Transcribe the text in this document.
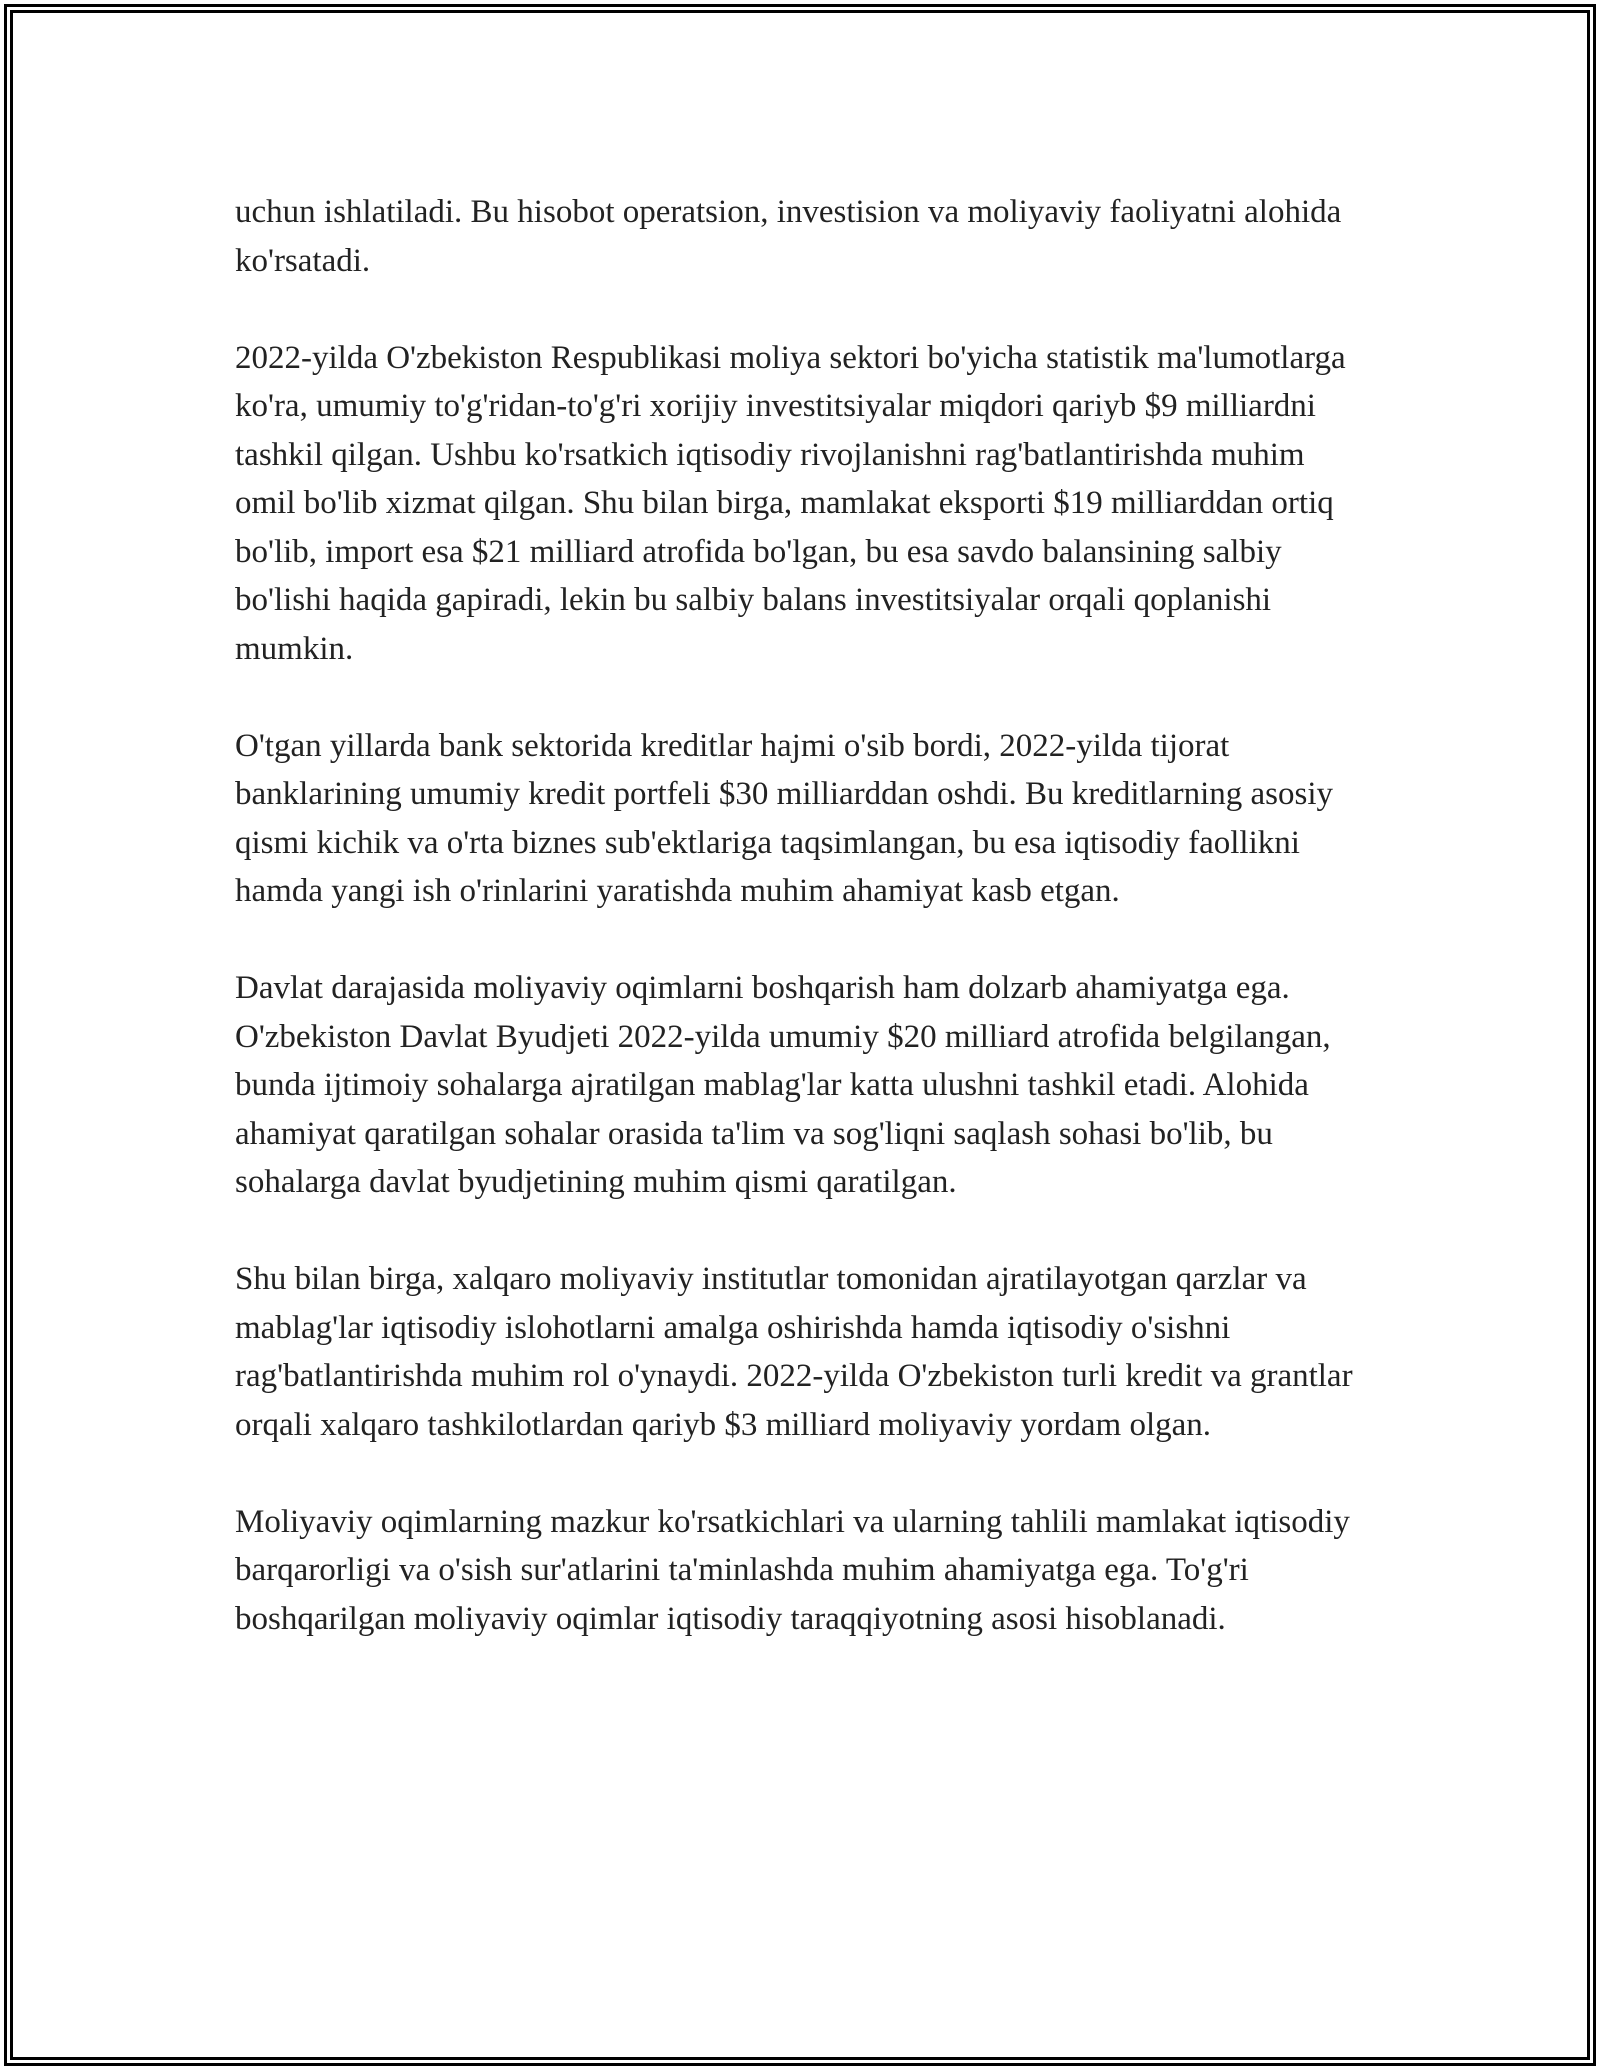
uchun ishlatiladi. Bu hisobot operatsion, investision va moliyaviy faoliyatni alohida ko'rsatadi.

2022-yilda O'zbekiston Respublikasi moliya sektori bo'yicha statistik ma'lumotlarga ko'ra, umumiy to'g'ridan-to'g'ri xorijiy investitsiyalar miqdori qariyb $9 milliardni tashkil qilgan. Ushbu ko'rsatkich iqtisodiy rivojlanishni rag'batlantirishda muhim omil bo'lib xizmat qilgan. Shu bilan birga, mamlakat eksporti $19 milliarddan ortiq bo'lib, import esa $21 milliard atrofida bo'lgan, bu esa savdo balansining salbiy bo'lishi haqida gapiradi, lekin bu salbiy balans investitsiyalar orqali qoplanishi mumkin.

O'tgan yillarda bank sektorida kreditlar hajmi o'sib bordi, 2022-yilda tijorat banklarining umumiy kredit portfeli $30 milliarddan oshdi. Bu kreditlarning asosiy qismi kichik va o'rta biznes sub'ektlariga taqsimlangan, bu esa iqtisodiy faollikni hamda yangi ish o'rinlarini yaratishda muhim ahamiyat kasb etgan.

Davlat darajasida moliyaviy oqimlarni boshqarish ham dolzarb ahamiyatga ega. O'zbekiston Davlat Byudjeti 2022-yilda umumiy $20 milliard atrofida belgilangan, bunda ijtimoiy sohalarga ajratilgan mablag'lar katta ulushni tashkil etadi. Alohida ahamiyat qaratilgan sohalar orasida ta'lim va sog'liqni saqlash sohasi bo'lib, bu sohalarga davlat byudjetining muhim qismi qaratilgan.

Shu bilan birga, xalqaro moliyaviy institutlar tomonidan ajratilayotgan qarzlar va mablag'lar iqtisodiy islohotlarni amalga oshirishda hamda iqtisodiy o'sishni rag'batlantirishda muhim rol o'ynaydi. 2022-yilda O'zbekiston turli kredit va grantlar orqali xalqaro tashkilotlardan qariyb $3 milliard moliyaviy yordam olgan.

Moliyaviy oqimlarning mazkur ko'rsatkichlari va ularning tahlili mamlakat iqtisodiy barqarorligi va o'sish sur'atlarini ta'minlashda muhim ahamiyatga ega. To'g'ri boshqarilgan moliyaviy oqimlar iqtisodiy taraqqiyotning asosi hisoblanadi.
